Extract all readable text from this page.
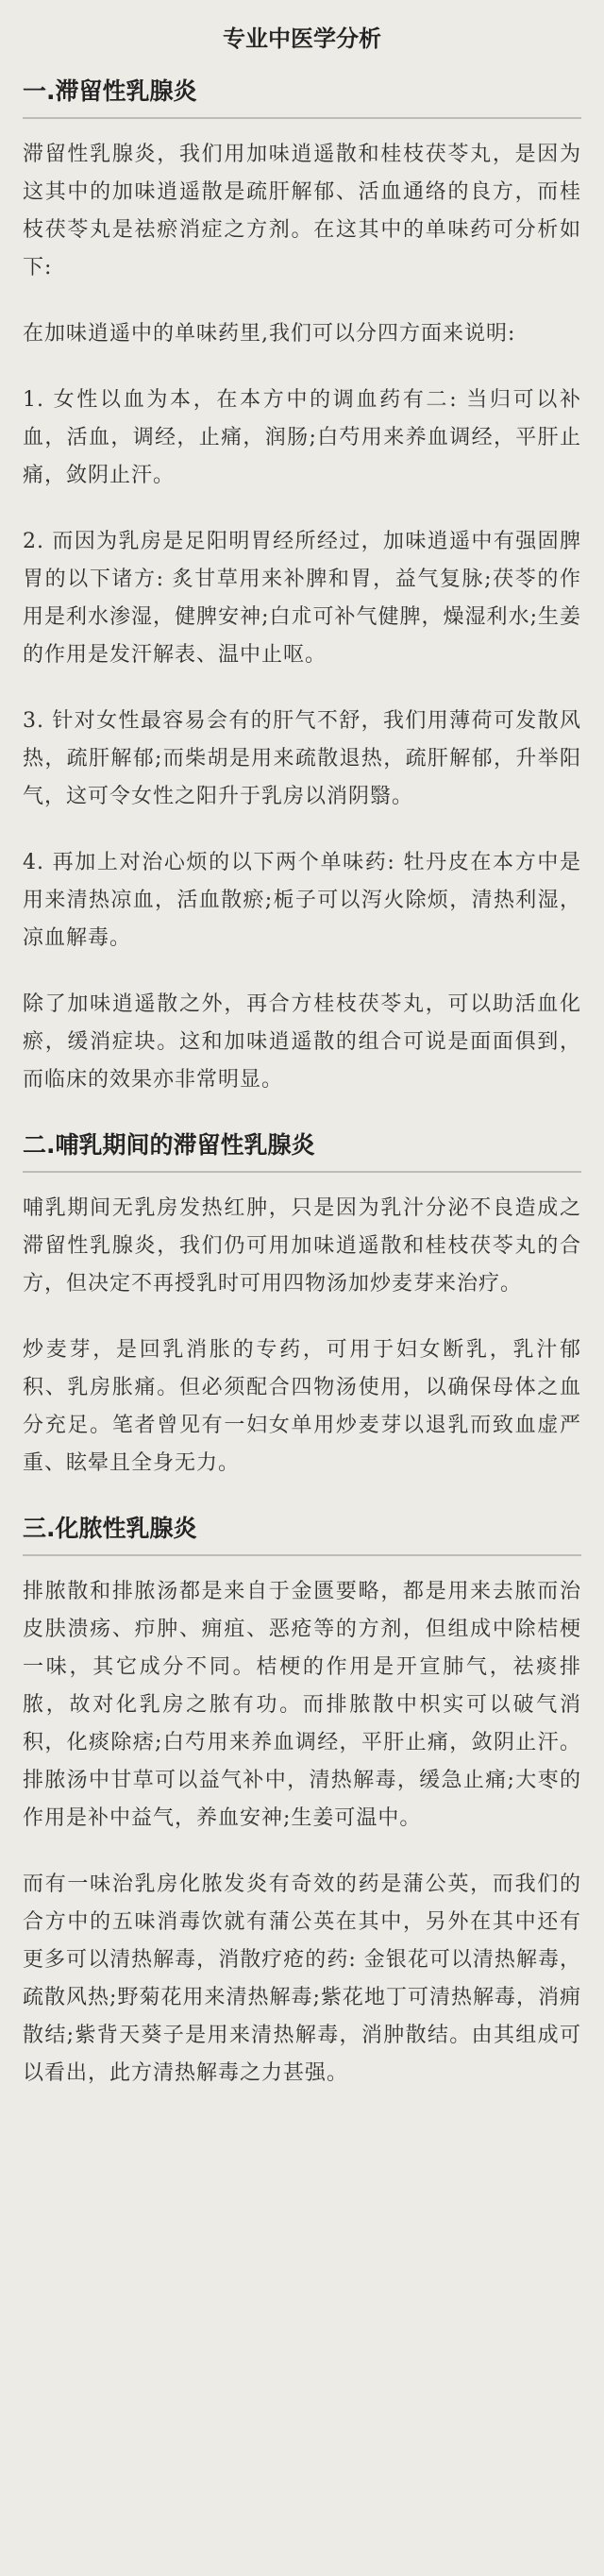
专业中医学分析
一.滞留性乳腺炎

滞留性乳腺炎，我们用加味逍遥散和桂枝茯苓丸，是因为这其中的加味逍遥散是疏肝解郁、活血通络的良方，而桂枝茯苓丸是祛瘀消症之方剂。在这其中的单味药可分析如下:

在加味逍遥中的单味药里,我们可以分四方面来说明:

1. 女性以血为本，在本方中的调血药有二: 当归可以补血，活血，调经，止痛，润肠;白芍用来养血调经，平肝止痛，敛阴止汗。

2. 而因为乳房是足阳明胃经所经过，加味逍遥中有强固脾胃的以下诸方: 炙甘草用来补脾和胃，益气复脉;茯苓的作用是利水渗湿，健脾安神;白朮可补气健脾，燥湿利水;生姜的作用是发汗解表、温中止呕。

3. 针对女性最容易会有的肝气不舒，我们用薄荷可发散风热，疏肝解郁;而柴胡是用来疏散退热，疏肝解郁，升举阳气，这可令女性之阳升于乳房以消阴翳。

4. 再加上对治心烦的以下两个单味药: 牡丹皮在本方中是用来清热凉血，活血散瘀;栀子可以泻火除烦，清热利湿，凉血解毒。

除了加味逍遥散之外，再合方桂枝茯苓丸，可以助活血化瘀，缓消症块。这和加味逍遥散的组合可说是面面俱到，而临床的效果亦非常明显。

二.哺乳期间的滞留性乳腺炎

哺乳期间无乳房发热红肿，只是因为乳汁分泌不良造成之滞留性乳腺炎，我们仍可用加味逍遥散和桂枝茯苓丸的合方，但决定不再授乳时可用四物汤加炒麦芽来治疗。

炒麦芽，是回乳消胀的专药，可用于妇女断乳，乳汁郁积、乳房胀痛。但必须配合四物汤使用，以确保母体之血分充足。笔者曾见有一妇女单用炒麦芽以退乳而致血虚严重、眩晕且全身无力。

三.化脓性乳腺炎

排脓散和排脓汤都是来自于金匮要略，都是用来去脓而治皮肤溃疡、疖肿、痈疽、恶疮等的方剂，但组成中除桔梗一味，其它成分不同。桔梗的作用是开宣肺气，祛痰排脓，故对化乳房之脓有功。而排脓散中枳实可以破气消积，化痰除痞;白芍用来养血调经，平肝止痛，敛阴止汗。排脓汤中甘草可以益气补中，清热解毒，缓急止痛;大枣的作用是补中益气，养血安神;生姜可温中。

而有一味治乳房化脓发炎有奇效的药是蒲公英，而我们的合方中的五味消毒饮就有蒲公英在其中，另外在其中还有更多可以清热解毒，消散疗疮的药: 金银花可以清热解毒，疏散风热;野菊花用来清热解毒;紫花地丁可清热解毒，消痈散结;紫背天葵子是用来清热解毒，消肿散结。由其组成可以看出，此方清热解毒之力甚强。
